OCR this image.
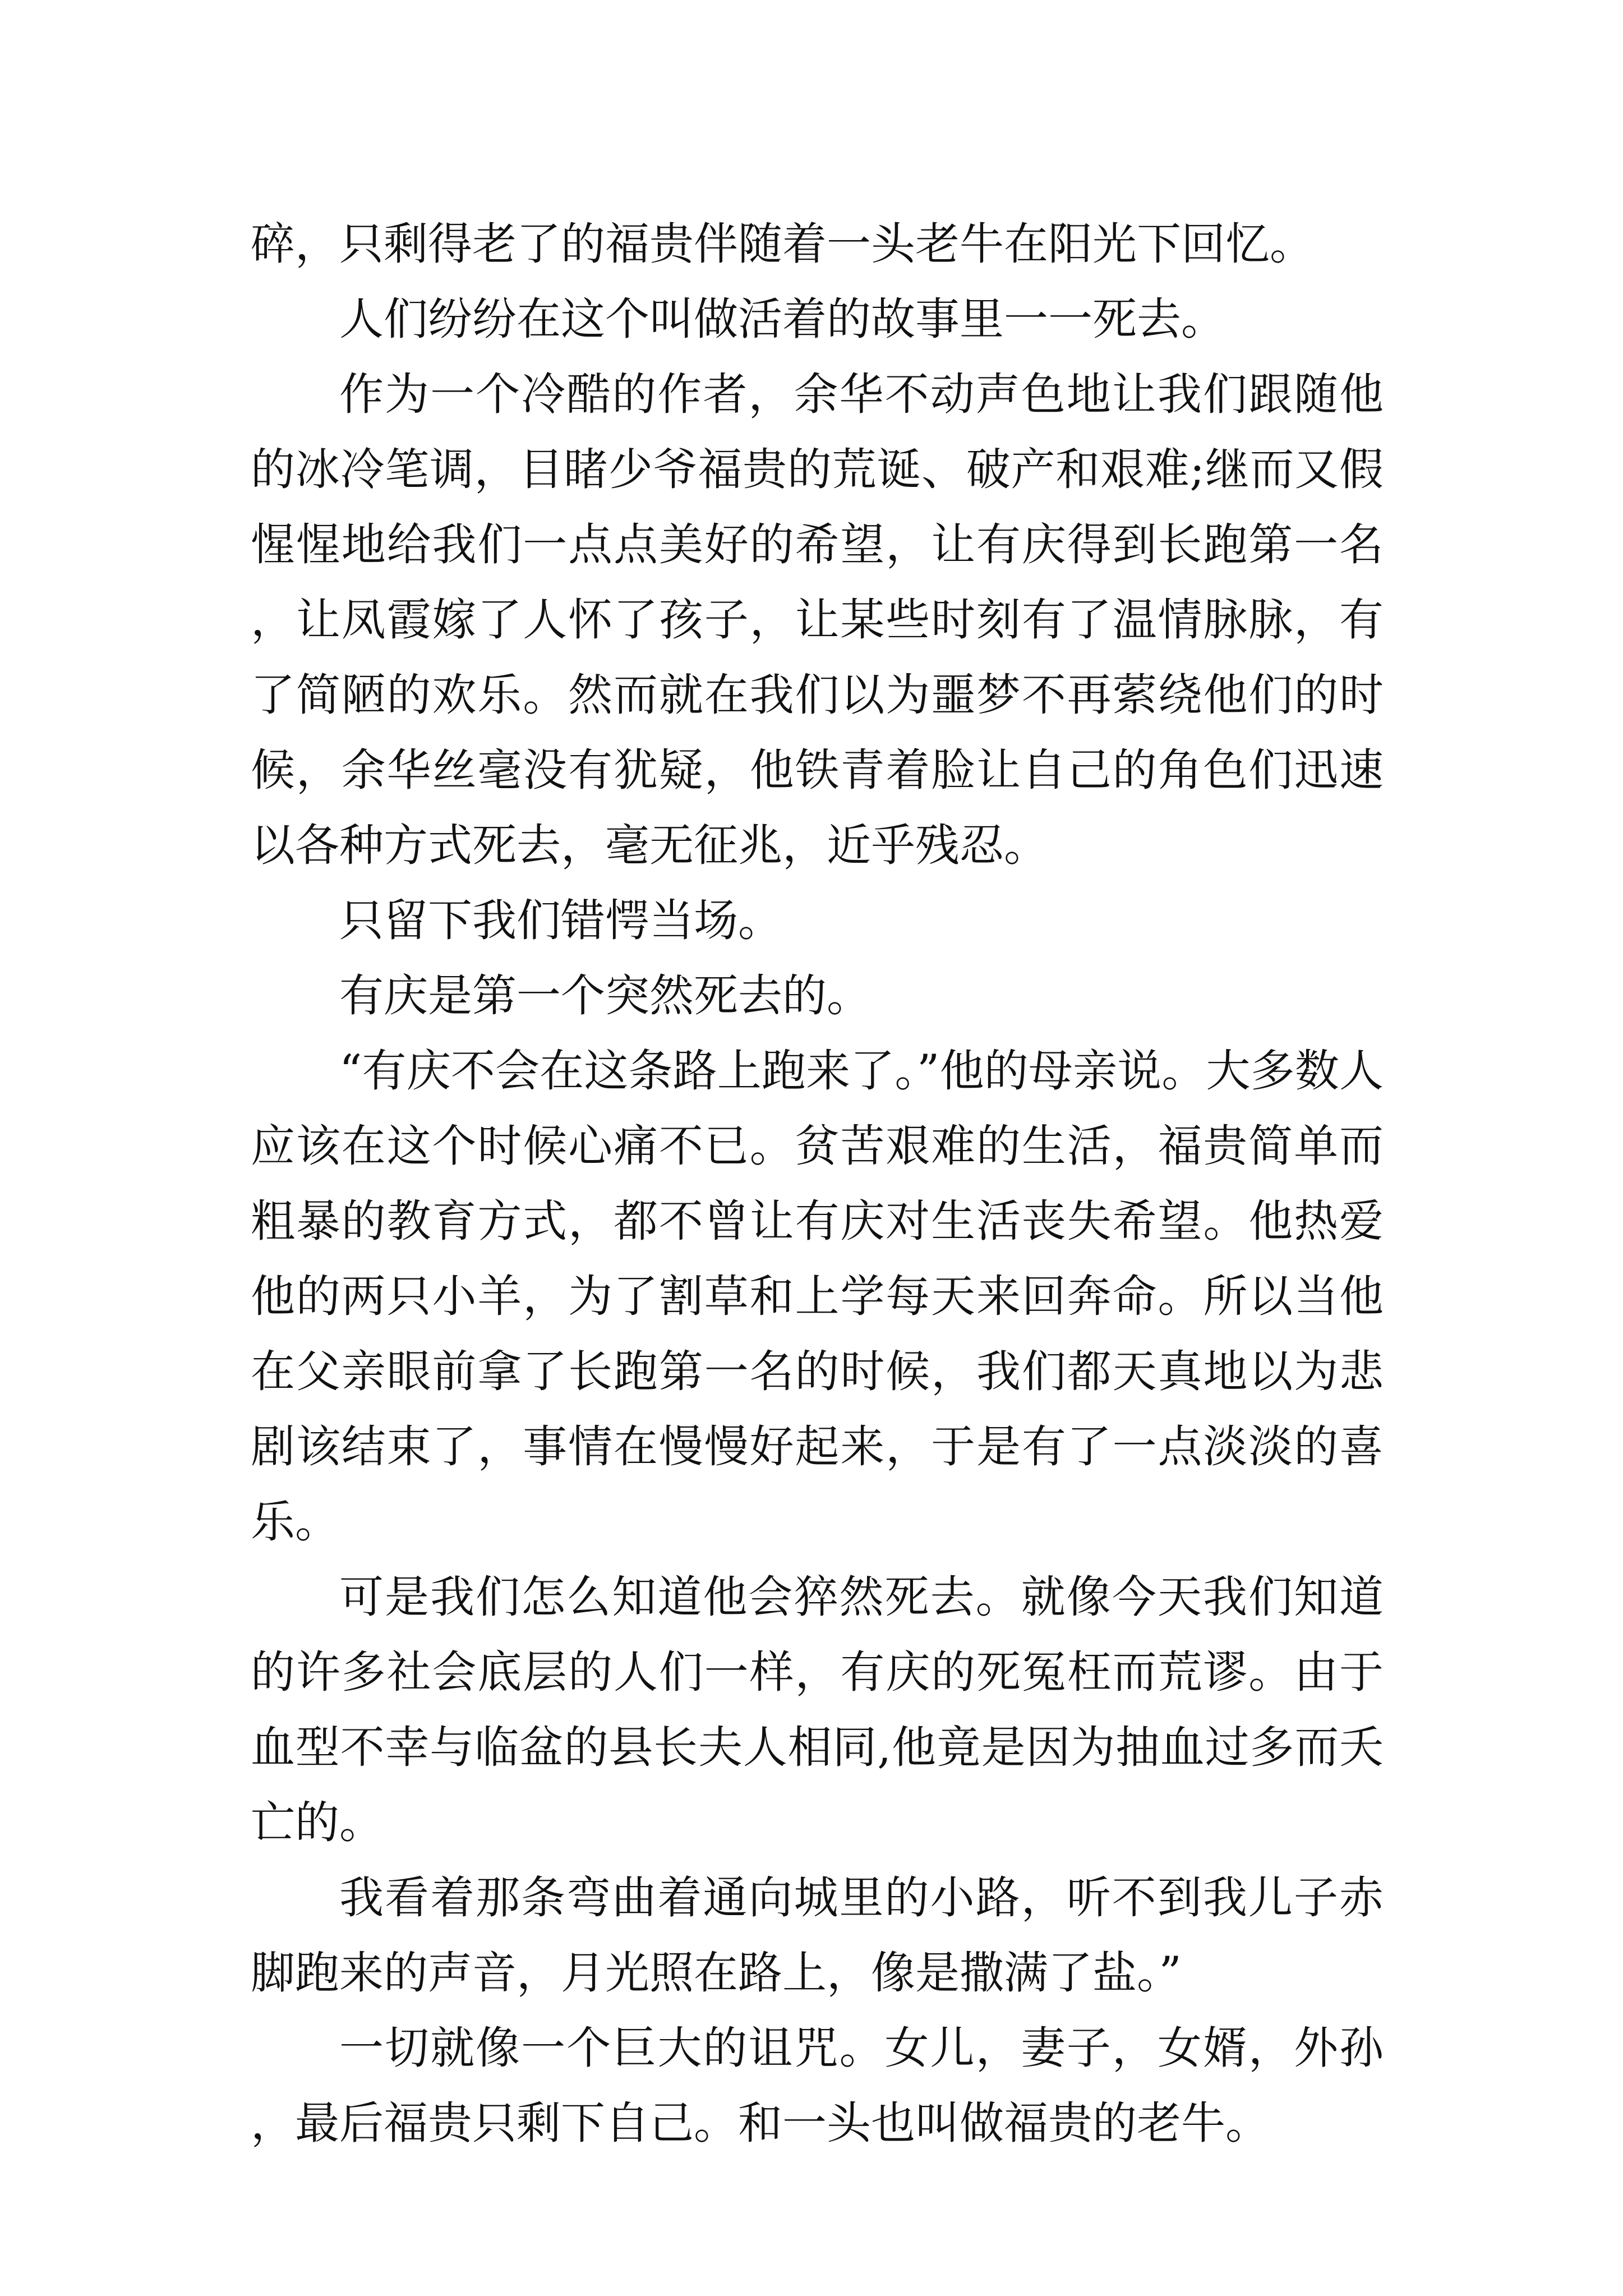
碎，只剩得老了的福贵伴随着一头老牛在阳光下回忆。

人们纷纷在这个叫做活着的故事里一一死去。

作为一个冷酷的作者，余华不动声色地让我们跟随他的冰冷笔调，目睹少爷福贵的荒诞、破产和艰难;继而又假惺惺地给我们一点点美好的希望，让有庆得到长跑第一名，让凤霞嫁了人怀了孩子，让某些时刻有了温情脉脉，有了简陋的欢乐。然而就在我们以为噩梦不再萦绕他们的时候，余华丝毫没有犹疑，他铁青着脸让自己的角色们迅速以各种方式死去，毫无征兆，近乎残忍。

只留下我们错愕当场。

有庆是第一个突然死去的。

“有庆不会在这条路上跑来了。”他的母亲说。大多数人应该在这个时候心痛不已。贫苦艰难的生活，福贵简单而粗暴的教育方式，都不曾让有庆对生活丧失希望。他热爱他的两只小羊，为了割草和上学每天来回奔命。所以当他在父亲眼前拿了长跑第一名的时候，我们都天真地以为悲剧该结束了，事情在慢慢好起来，于是有了一点淡淡的喜乐。

可是我们怎么知道他会猝然死去。就像今天我们知道的许多社会底层的人们一样，有庆的死冤枉而荒谬。由于血型不幸与临盆的县长夫人相同,他竟是因为抽血过多而夭亡的。

我看着那条弯曲着通向城里的小路，听不到我儿子赤脚跑来的声音，月光照在路上，像是撒满了盐。”

一切就像一个巨大的诅咒。女儿，妻子，女婿，外孙，最后福贵只剩下自己。和一头也叫做福贵的老牛。
